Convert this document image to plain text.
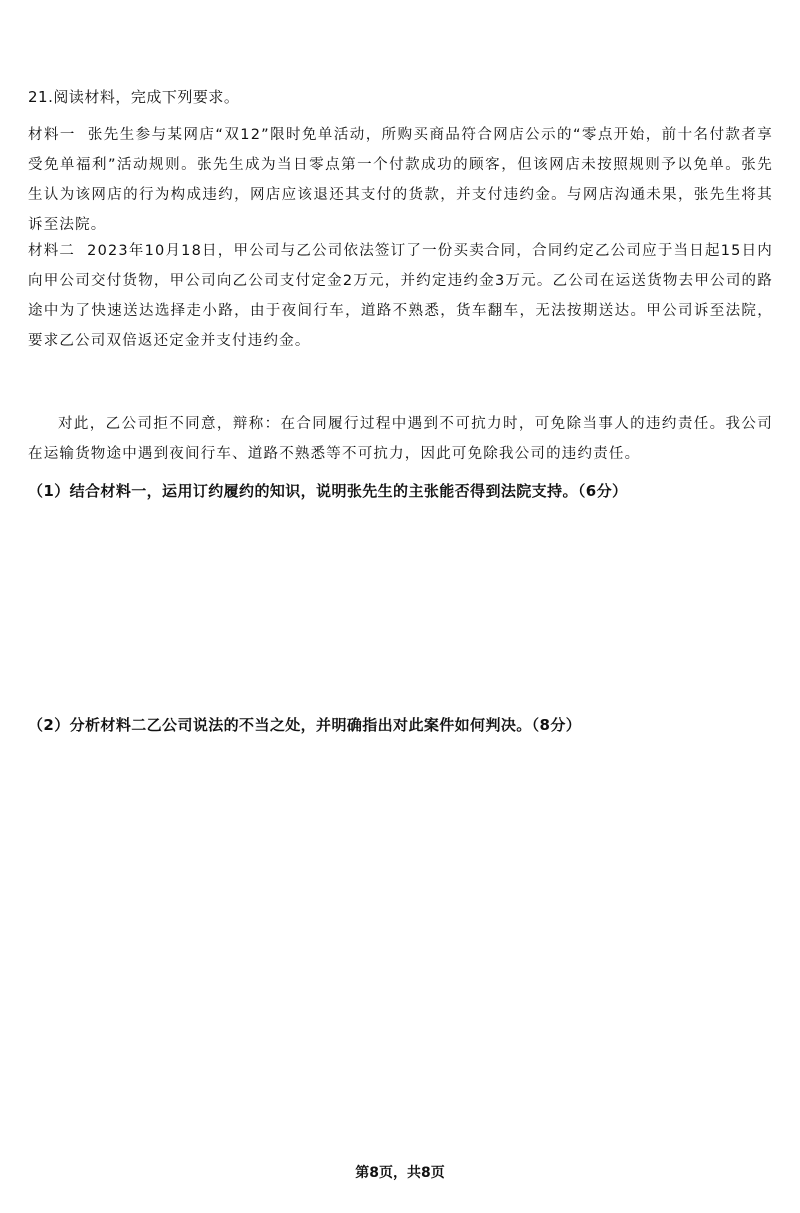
21.阅读材料，完成下列要求。

材料一 张先生参与某网店“双12”限时免单活动，所购买商品符合网店公示的“零点开始，前十名付款者享受免单福利”活动规则。张先生成为当日零点第一个付款成功的顾客，但该网店未按照规则予以免单。张先生认为该网店的行为构成违约，网店应该退还其支付的货款，并支付违约金。与网店沟通未果，张先生将其诉至法院。

材料二 2023年10月18日，甲公司与乙公司依法签订了一份买卖合同，合同约定乙公司应于当日起15日内向甲公司交付货物，甲公司向乙公司支付定金2万元，并约定违约金3万元。乙公司在运送货物去甲公司的路途中为了快速送达选择走小路，由于夜间行车，道路不熟悉，货车翻车，无法按期送达。甲公司诉至法院，要求乙公司双倍返还定金并支付违约金。

对此，乙公司拒不同意，辩称：在合同履行过程中遇到不可抗力时，可免除当事人的违约责任。我公司在运输货物途中遇到夜间行车、道路不熟悉等不可抗力，因此可免除我公司的违约责任。

（1）结合材料一，运用订约履约的知识，说明张先生的主张能否得到法院支持。（6分）
（2）分析材料二乙公司说法的不当之处，并明确指出对此案件如何判决。（8分）
第8页，共8页
